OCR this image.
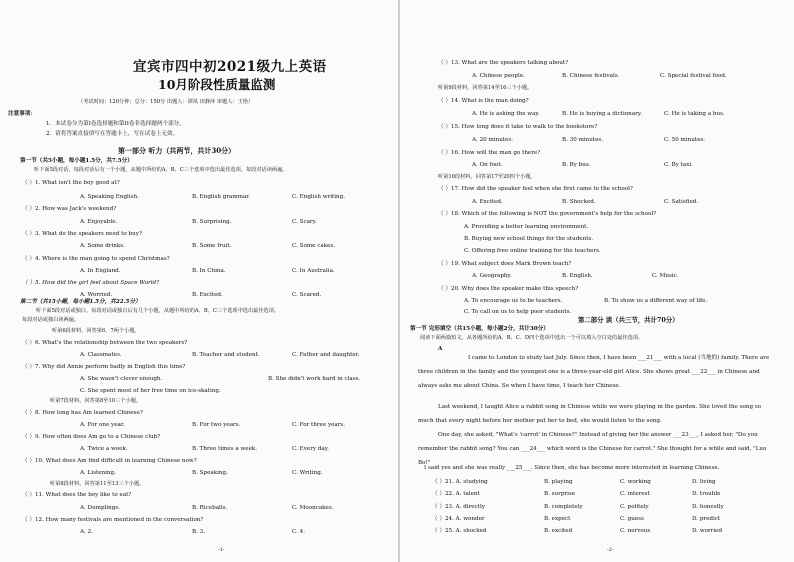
宜宾市四中初2021级九上英语
10月阶段性质量监测
（考试时间：120分钟；总分：150分 出题人：谭凤 田静萍 审题人：王艳）
注意事项：
1．本试卷分为第I卷选择题和第II卷非选择题两个部分。
2．请将答案直接填写在答题卡上，写在试卷上无效。
第一部分 听力（共两节，共计30分）
第一节（共5小题，每小题1.5分，共7.5分）
听下面5段对话，每段对话后有一个小题，从题中所给的A、B、C三个选项中选出最佳选项。每段对话读两遍。
（ ）1. What isn't the boy good at?
A. Speaking English.	B. English grammar.	C. English writing.
（ ）2. How was Jack's weekend?
A. Enjoyable.	B. Surprising.	C. Scary.
（ ）3. What do the speakers need to buy?
A. Some drinks.	B. Some fruit.	C. Some cakes.
（ ）4. Where is the man going to spend Christmas?
A. In England.	B. In China.	C. In Australia.
（ ）5. How did the girl feel about Space World?
A. Worried.	B. Excited.	C. Scared.
第二节（共15小题，每小题1.5分，共22.5分）
听下面5段对话或独白。每段对话或独白后有几个小题，从题中所给的A、B、C三个选项中选出最佳选项。
每段对话或独白读两遍。
听第6段材料，回答第6、7两个小题。
（ ）6. What's the relationship between the two speakers?
A. Classmates.	B. Teacher and student.	C. Father and daughter.
（ ）7. Why did Annie perform badly in English this time?
A. She wasn't clever enough.	B. She didn't work hard in class.
C. She spent most of her free time on ice-skating.
听第7段材料，回答第8至10三个小题。
（ ）8. How long has Am learned Chinese?
A. For one year.	B. For two years.	C. For three years.
（ ）9. How often does Am go to a Chinese club?
A. Twice a week.	B. Three times a week.	C. Every day.
（ ）10. What does Am find difficult in learning Chinese now?
A. Listening.	B. Speaking.	C. Writing.
听第8段材料，回答第11至13三个小题。
（ ）11. What does the boy like to eat?
A. Dumplings.	B. Riceballs.	C. Mooncakes.
（ ）12. How many festivals are mentioned in the conversation?
A. 2.	B. 3.	C. 4.
-1-
（ ）13. What are the speakers talking about?
A. Chinese people.	B. Chinese festivals.	C. Special festival food.
听第9段材料，回答第14至16三个小题。
（ ）14. What is the man doing?
A. He is asking the way.	B. He is buying a dictionary.	C. He is taking a bus.
（ ）15. How long does it take to walk to the bookstore?
A. 20 minutes.	B. 30 minutes.	C. 50 minutes.
（ ）16. How will the man go there?
A. On foot.	B. By bus.	C. By taxi.
听第10段材料，回答第17至20四个小题。
（ ）17. How did the speaker feel when she first came to the school?
A. Excited.	B. Shocked.	C. Satisfied.
（ ）18. Which of the following is NOT the government's help for the school?
A. Providing a better learning environment.
B. Buying new school things for the students.
C. Offering free online training for the teachers.
（ ）19. What subject does Mark Brown teach?
A. Geography.	B. English.	C. Music.
（ ）20. Why does the speaker make this speech?
A. To encourage us to be teachers.	B. To show us a different way of life.
C. To call on us to help poor students.
第二部分 读（共三节，共计70分）
第一节 完形填空（共15小题，每小题2分，共计30分）
阅读下面两篇短文，从各题所给的A、B、C、D四个选项中选出一个可以填入空白处的最佳选项。
A
I came to London to study last July. Since then, I have been ___21___ with a local (当地的) family. There are three children in the family and the youngest one is a three-year-old girl Alice. She shows great ___22___ in Chinese and always asks me about China. So when I have time, I teach her Chinese.
Last weekend, I taught Alice a rabbit song in Chinese while we were playing in the garden. She loved the song so much that every night before her mother put her to bed, she would listen to the song.
One day, she asked, "What's 'carrot' in Chinese?" Instead of giving her the answer ___23___, I asked her, "Do you remember the rabbit song? You can ___24___ which word is the Chinese for carrot." She thought for a while and said, "Luo Bo!"
I said yes and she was really ___25___. Since then, she has become more interested in learning Chinese.
（ ）21. A. studying	B. playing	C. working	D. living
（ ）22. A. talent	B. surprise	C. interest	D. trouble
（ ）23. A. directly	B. completely	C. politely	D. honestly
（ ）24. A. wonder	B. expect	C. guess	D. predict
（ ）25. A. shocked	B. excited	C. nervous	D. worried
-2-
